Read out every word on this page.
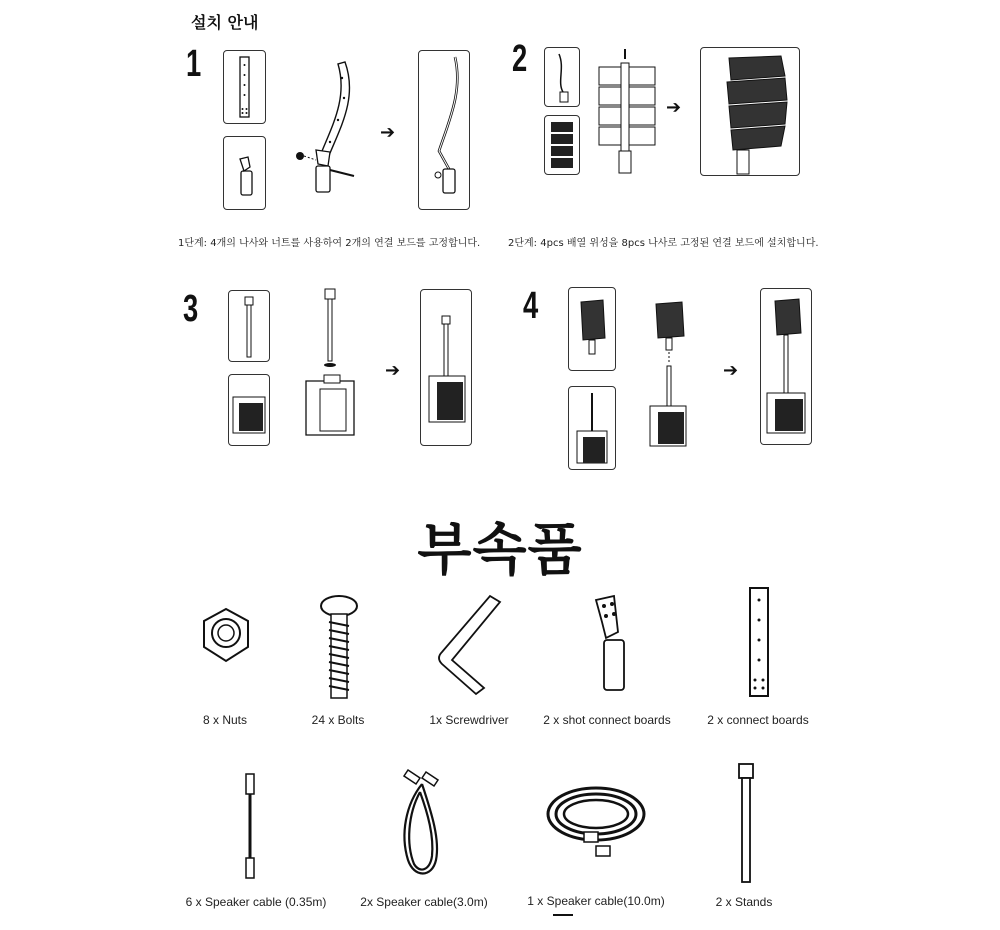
설치 안내
1
➔
1단계: 4개의 나사와 너트를 사용하여 2개의 연결 보드를 고정합니다.
2
➔
2단계: 4pcs 배열 위성을 8pcs 나사로 고정된 연결 보드에 설치합니다.
3
➔
4
➔
부속품
8 x Nuts	24 x Bolts	1x Screwdriver	2 x shot connect boards	2 x connect boards
6 x Speaker cable (0.35m)	2x Speaker cable(3.0m)	1 x Speaker cable(10.0m)	2 x Stands
